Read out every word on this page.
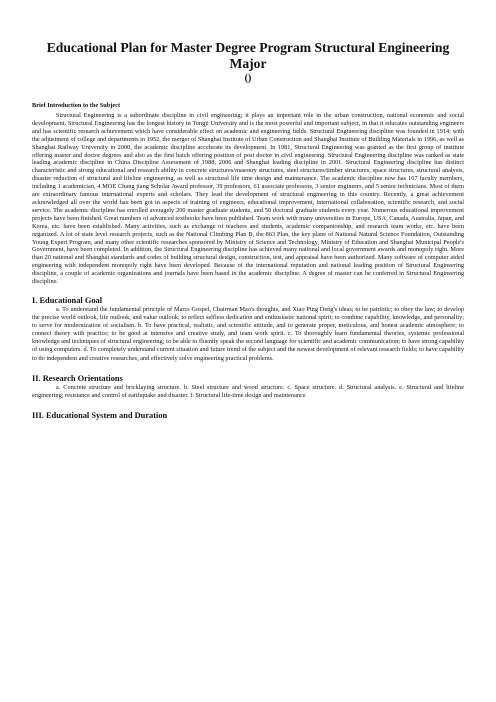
Educational Plan for Master Degree Program Structural Engineering Major
()
Brief Introduction to the Subject

Structural Engineering is a subordinate discipline in civil engineering; it plays an important role in the urban construction, national economic and social development. Structural Engineering has the longest history in Tongji University and is the most powerful and important subject, in that it educates outstanding engineers and has scientific research achievement which have considerable effect on academic and engineering fields. Structural Engineering discipline was founded in 1914; with the adjustment of college and departments in 1952, the merger of Shanghai Institute of Urban Construction and Shanghai Institute of Building Materials in 1996, as well as Shanghai Railway University in 2000, the academic discipline accelerate its development. In 1981, Structural Engineering was granted as the first group of institute offering master and doctor degrees and also as the first batch offering position of post doctor in civil engineering. Structural Engineering discipline was ranked as state leading academic discipline in China Discipline Assessment of 1988, 2006 and Shanghai leading discipline in 2001. Structural Engineering discipline has distinct characteristic and strong educational and research ability in concrete structures/masonry structures, steel structures/timber structures, space structures, structural analysis, disaster reduction of structural and lifeline engineering, as well as structural life time design and maintenance. The academic discipline now has 167 faculty members, including 1 academician, 4 MOE Chang jiang Scholar Award professor, 39 professors, 61 associate professors, 3 senior engineers, and 5 senior technicians. Most of them are extraordinary famous international experts and scholars. They lead the development of structural engineering in this country. Recently, a great achievement acknowledged all over the world has been got in aspects of training of engineers, educational improvement, international collaboration, scientific research, and social service. The academic discipline has enrolled averagely 200 master graduate students, and 50 doctoral graduate students every year. Numerous educational improvement projects have been finished. Great numbers of advanced textbooks have been published. Team work with many universities in Europe, USA, Canada, Australia, Japan, and Korea, etc. have been established. Many activities, such as exchange of teachers and students, academic companionship, and research team works, etc. have been organized. A lot of state level research projects, such as the National Climbing Plan B, the 863 Plan, the key plane of National Natural Science Foundation, Outstanding Young Expert Program, and many other scientific researches sponsored by Ministry of Science and Technology, Ministry of Education and Shanghai Municipal People's Government, have been completed. In addition, the Structural Engineering discipline has achieved many national and local government awards and monopoly right. More than 20 national and Shanghai standards and codes of building structural design, construction, test, and appraisal have been authorized. Many software of computer aided engineering with independent monopoly right have been developed. Because of the international reputation and national leading position of Structural Engineering discipline, a couple of academic organizations and journals have been based in the academic discipline. A degree of master can be conferred in Structural Engineering discipline.

I. Educational Goal

a. To understand the fundamental principle of Marcs Gospel, Chairman Mao's thoughts, and Xiao Ping Deng's ideas; to be patriotic; to obey the law; to develop the precise world outlook, life outlook, and value outlook; to reflect selfless dedication and enthusiastic national spirit; to combine capability, knowledge, and personality; to serve for modernization of socialism. b. To have practical, realistic, and scientific attitude, and to generate proper, meticulous, and honest academic atmosphere; to connect theory with practice; to be good at intensive and creative study, and team work spirit. c. To thoroughly learn fundamental theories, systemic professional knowledge and techniques of structural engineering; to be able to fluently speak the second language for scientific and academic communication; to have strong capability of using computers. d. To completely understand current situation and future trend of the subject and the newest development of relevant research fields; to have capability to do independent and creative researches, and effectively solve engineering practical problems.

II. Research Orientations

a. Concrete structure and bricklaying structure. b. Steel structure and wood structure. c. Space structure. d. Structural analysis. e. Structural and lifeline engineering; resistance and control of earthquake and disaster. f. Structural life-time design and maintenance

III. Educational System and Duration
